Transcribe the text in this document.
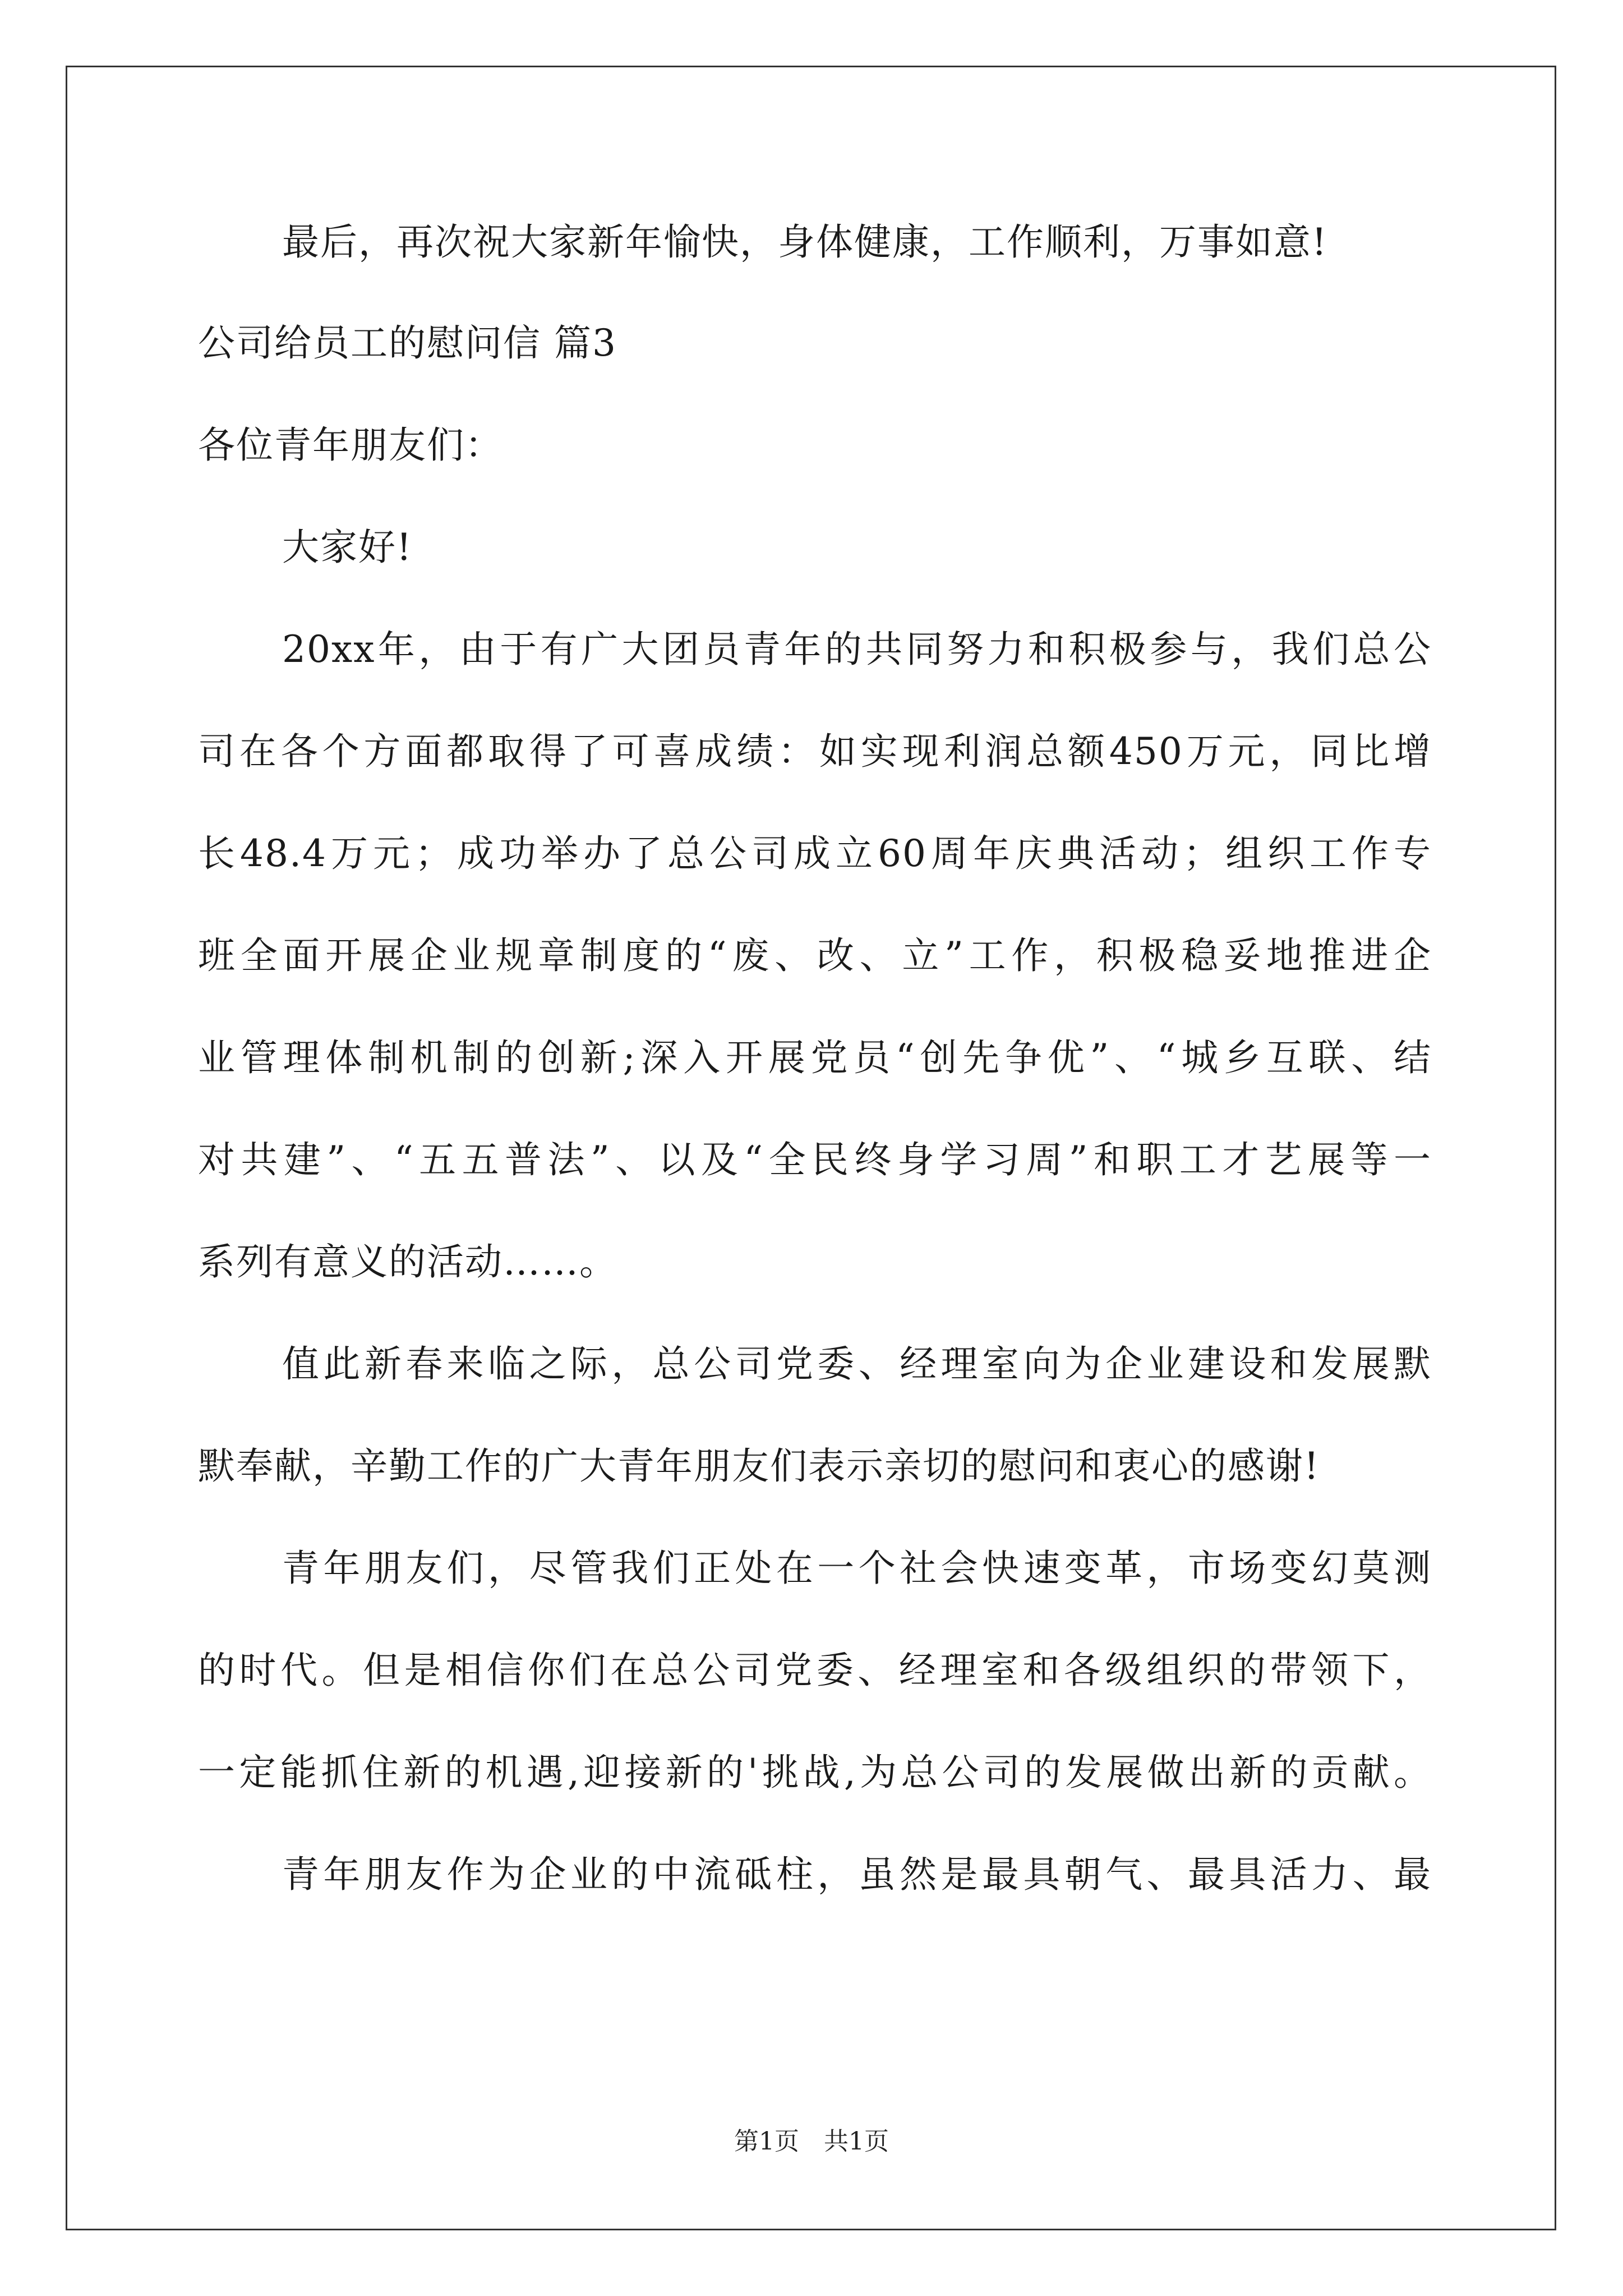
最后，再次祝大家新年愉快，身体健康，工作顺利，万事如意!
公司给员工的慰问信 篇3
各位青年朋友们：
大家好!
20xx年，由于有广大团员青年的共同努力和积极参与，我们总公
司在各个方面都取得了可喜成绩：如实现利润总额450万元，同比增
长48.4万元；成功举办了总公司成立60周年庆典活动；组织工作专
班全面开展企业规章制度的“废、改、立”工作，积极稳妥地推进企
业管理体制机制的创新;深入开展党员“创先争优”、“城乡互联、结
对共建”、“五五普法”、以及“全民终身学习周”和职工才艺展等一
系列有意义的活动……。
值此新春来临之际，总公司党委、经理室向为企业建设和发展默
默奉献，辛勤工作的广大青年朋友们表示亲切的慰问和衷心的感谢!
青年朋友们，尽管我们正处在一个社会快速变革，市场变幻莫测
的时代。但是相信你们在总公司党委、经理室和各级组织的带领下，
一定能抓住新的机遇,迎接新的'挑战,为总公司的发展做出新的贡献。
青年朋友作为企业的中流砥柱，虽然是最具朝气、最具活力、最
第1页　共1页
